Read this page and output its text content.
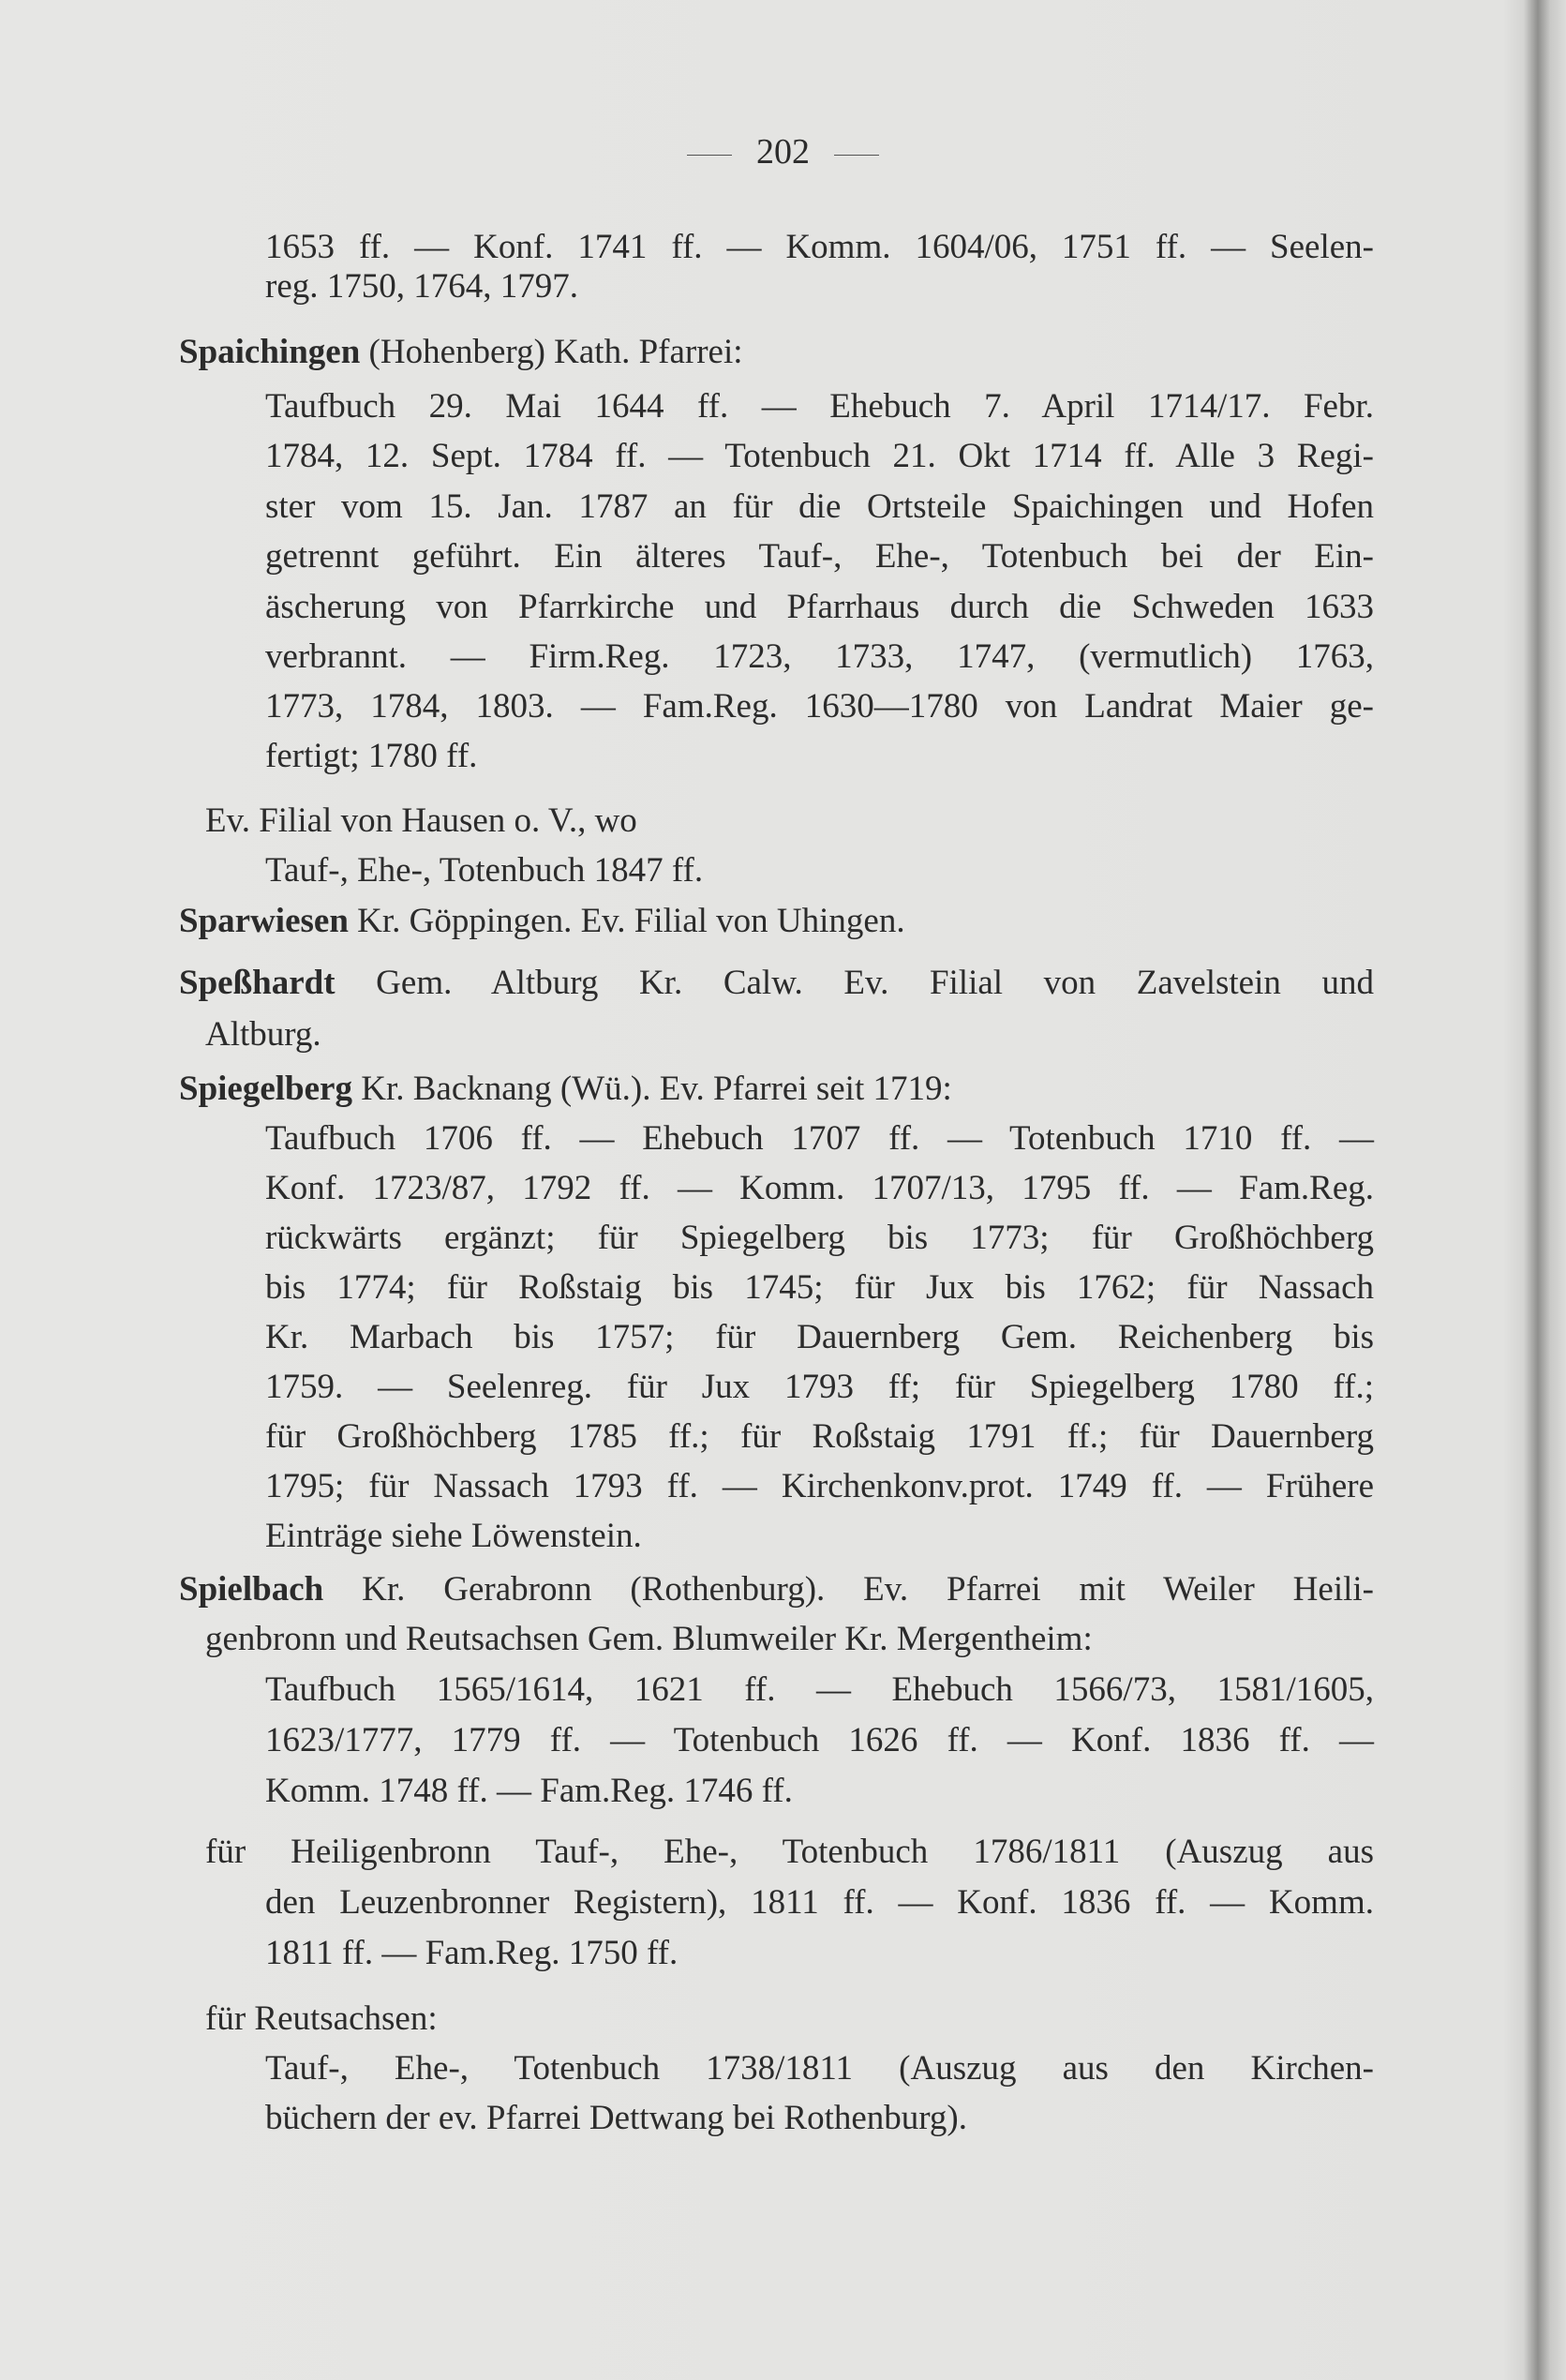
202
1653 ff. — Konf. 1741 ff. — Komm. 1604/06, 1751 ff. — Seelen-
reg. 1750, 1764, 1797.
Spaichingen (Hohenberg) Kath. Pfarrei:
Taufbuch 29. Mai 1644 ff. — Ehebuch 7. April 1714/17. Febr.
1784, 12. Sept. 1784 ff. — Totenbuch 21. Okt 1714 ff. Alle 3 Regi-
ster vom 15. Jan. 1787 an für die Ortsteile Spaichingen und Hofen
getrennt geführt. Ein älteres Tauf-, Ehe-, Totenbuch bei der Ein-
äscherung von Pfarrkirche und Pfarrhaus durch die Schweden 1633
verbrannt. — Firm.Reg. 1723, 1733, 1747, (vermutlich) 1763,
1773, 1784, 1803. — Fam.Reg. 1630—1780 von Landrat Maier ge-
fertigt; 1780 ff.
Ev. Filial von Hausen o. V., wo
Tauf-, Ehe-, Totenbuch 1847 ff.
Sparwiesen Kr. Göppingen. Ev. Filial von Uhingen.
Speßhardt Gem. Altburg Kr. Calw. Ev. Filial von Zavelstein und
Altburg.
Spiegelberg Kr. Backnang (Wü.). Ev. Pfarrei seit 1719:
Taufbuch 1706 ff. — Ehebuch 1707 ff. — Totenbuch 1710 ff. —
Konf. 1723/87, 1792 ff. — Komm. 1707/13, 1795 ff. — Fam.Reg.
rückwärts ergänzt; für Spiegelberg bis 1773; für Großhöchberg
bis 1774; für Roßstaig bis 1745; für Jux bis 1762; für Nassach
Kr. Marbach bis 1757; für Dauernberg Gem. Reichenberg bis
1759. — Seelenreg. für Jux 1793 ff; für Spiegelberg 1780 ff.;
für Großhöchberg 1785 ff.; für Roßstaig 1791 ff.; für Dauernberg
1795; für Nassach 1793 ff. — Kirchenkonv.prot. 1749 ff. — Frühere
Einträge siehe Löwenstein.
Spielbach Kr. Gerabronn (Rothenburg). Ev. Pfarrei mit Weiler Heili-
genbronn und Reutsachsen Gem. Blumweiler Kr. Mergentheim:
Taufbuch 1565/1614, 1621 ff. — Ehebuch 1566/73, 1581/1605,
1623/1777, 1779 ff. — Totenbuch 1626 ff. — Konf. 1836 ff. —
Komm. 1748 ff. — Fam.Reg. 1746 ff.
für Heiligenbronn Tauf-, Ehe-, Totenbuch 1786/1811 (Auszug aus
den Leuzenbronner Registern), 1811 ff. — Konf. 1836 ff. — Komm.
1811 ff. — Fam.Reg. 1750 ff.
für Reutsachsen:
Tauf-, Ehe-, Totenbuch 1738/1811 (Auszug aus den Kirchen-
büchern der ev. Pfarrei Dettwang bei Rothenburg).
